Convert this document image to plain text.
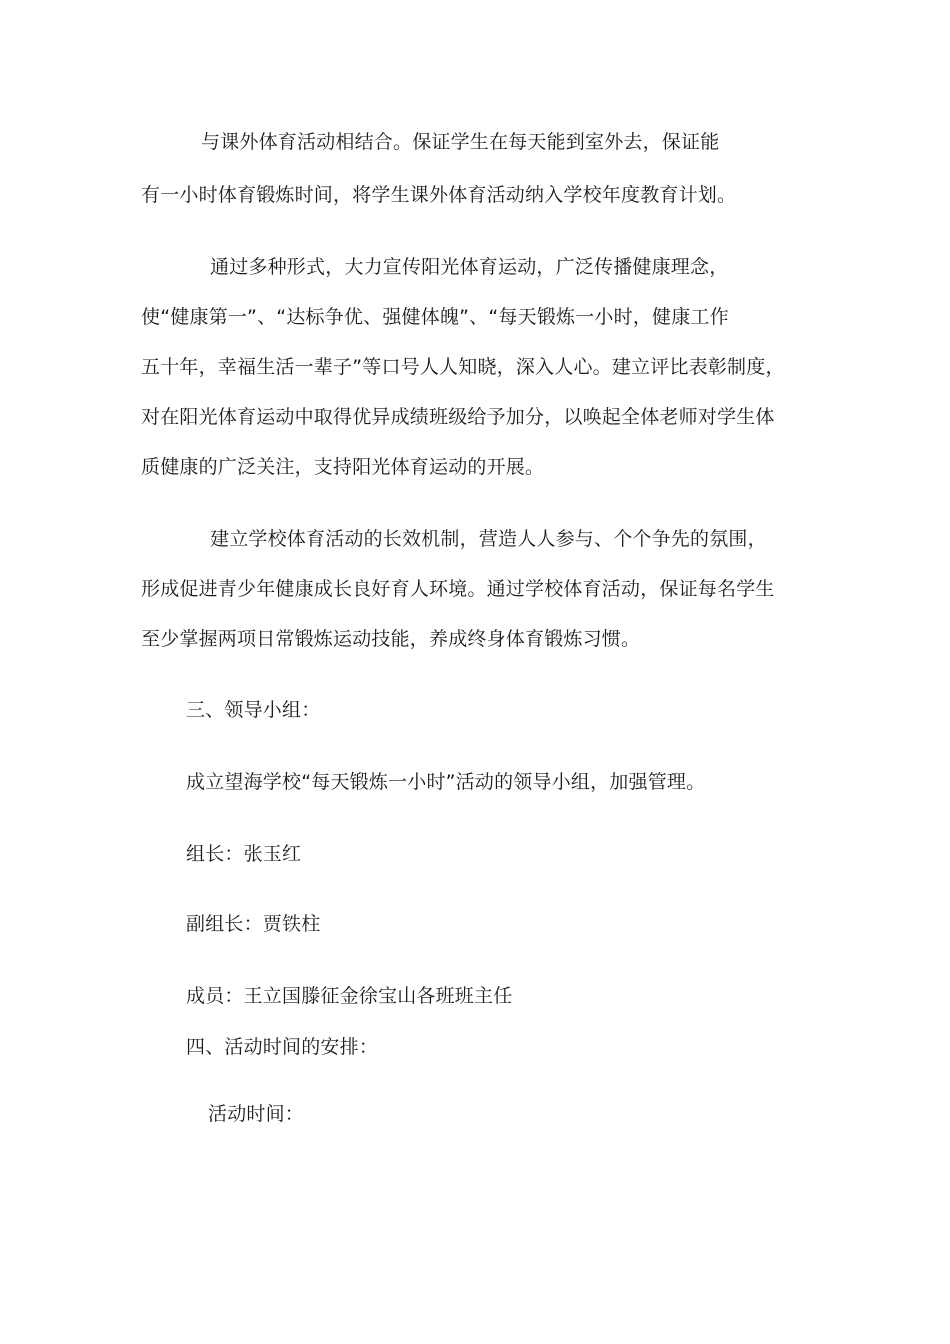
与课外体育活动相结合。保证学生在每天能到室外去，保证能
有一小时体育锻炼时间，将学生课外体育活动纳入学校年度教育计划。
通过多种形式，大力宣传阳光体育运动，广泛传播健康理念，
使“健康第一”、“达标争优、强健体魄”、“每天锻炼一小时，健康工作
五十年，幸福生活一辈子”等口号人人知晓，深入人心。建立评比表彰制度，
对在阳光体育运动中取得优异成绩班级给予加分，以唤起全体老师对学生体
质健康的广泛关注，支持阳光体育运动的开展。
建立学校体育活动的长效机制，营造人人参与、个个争先的氛围，
形成促进青少年健康成长良好育人环境。通过学校体育活动，保证每名学生
至少掌握两项日常锻炼运动技能，养成终身体育锻炼习惯。
三、领导小组：
成立望海学校“每天锻炼一小时”活动的领导小组，加强管理。
组长：张玉红
副组长：贾铁柱
成员：王立国滕征金徐宝山各班班主任
四、活动时间的安排：
活动时间：
